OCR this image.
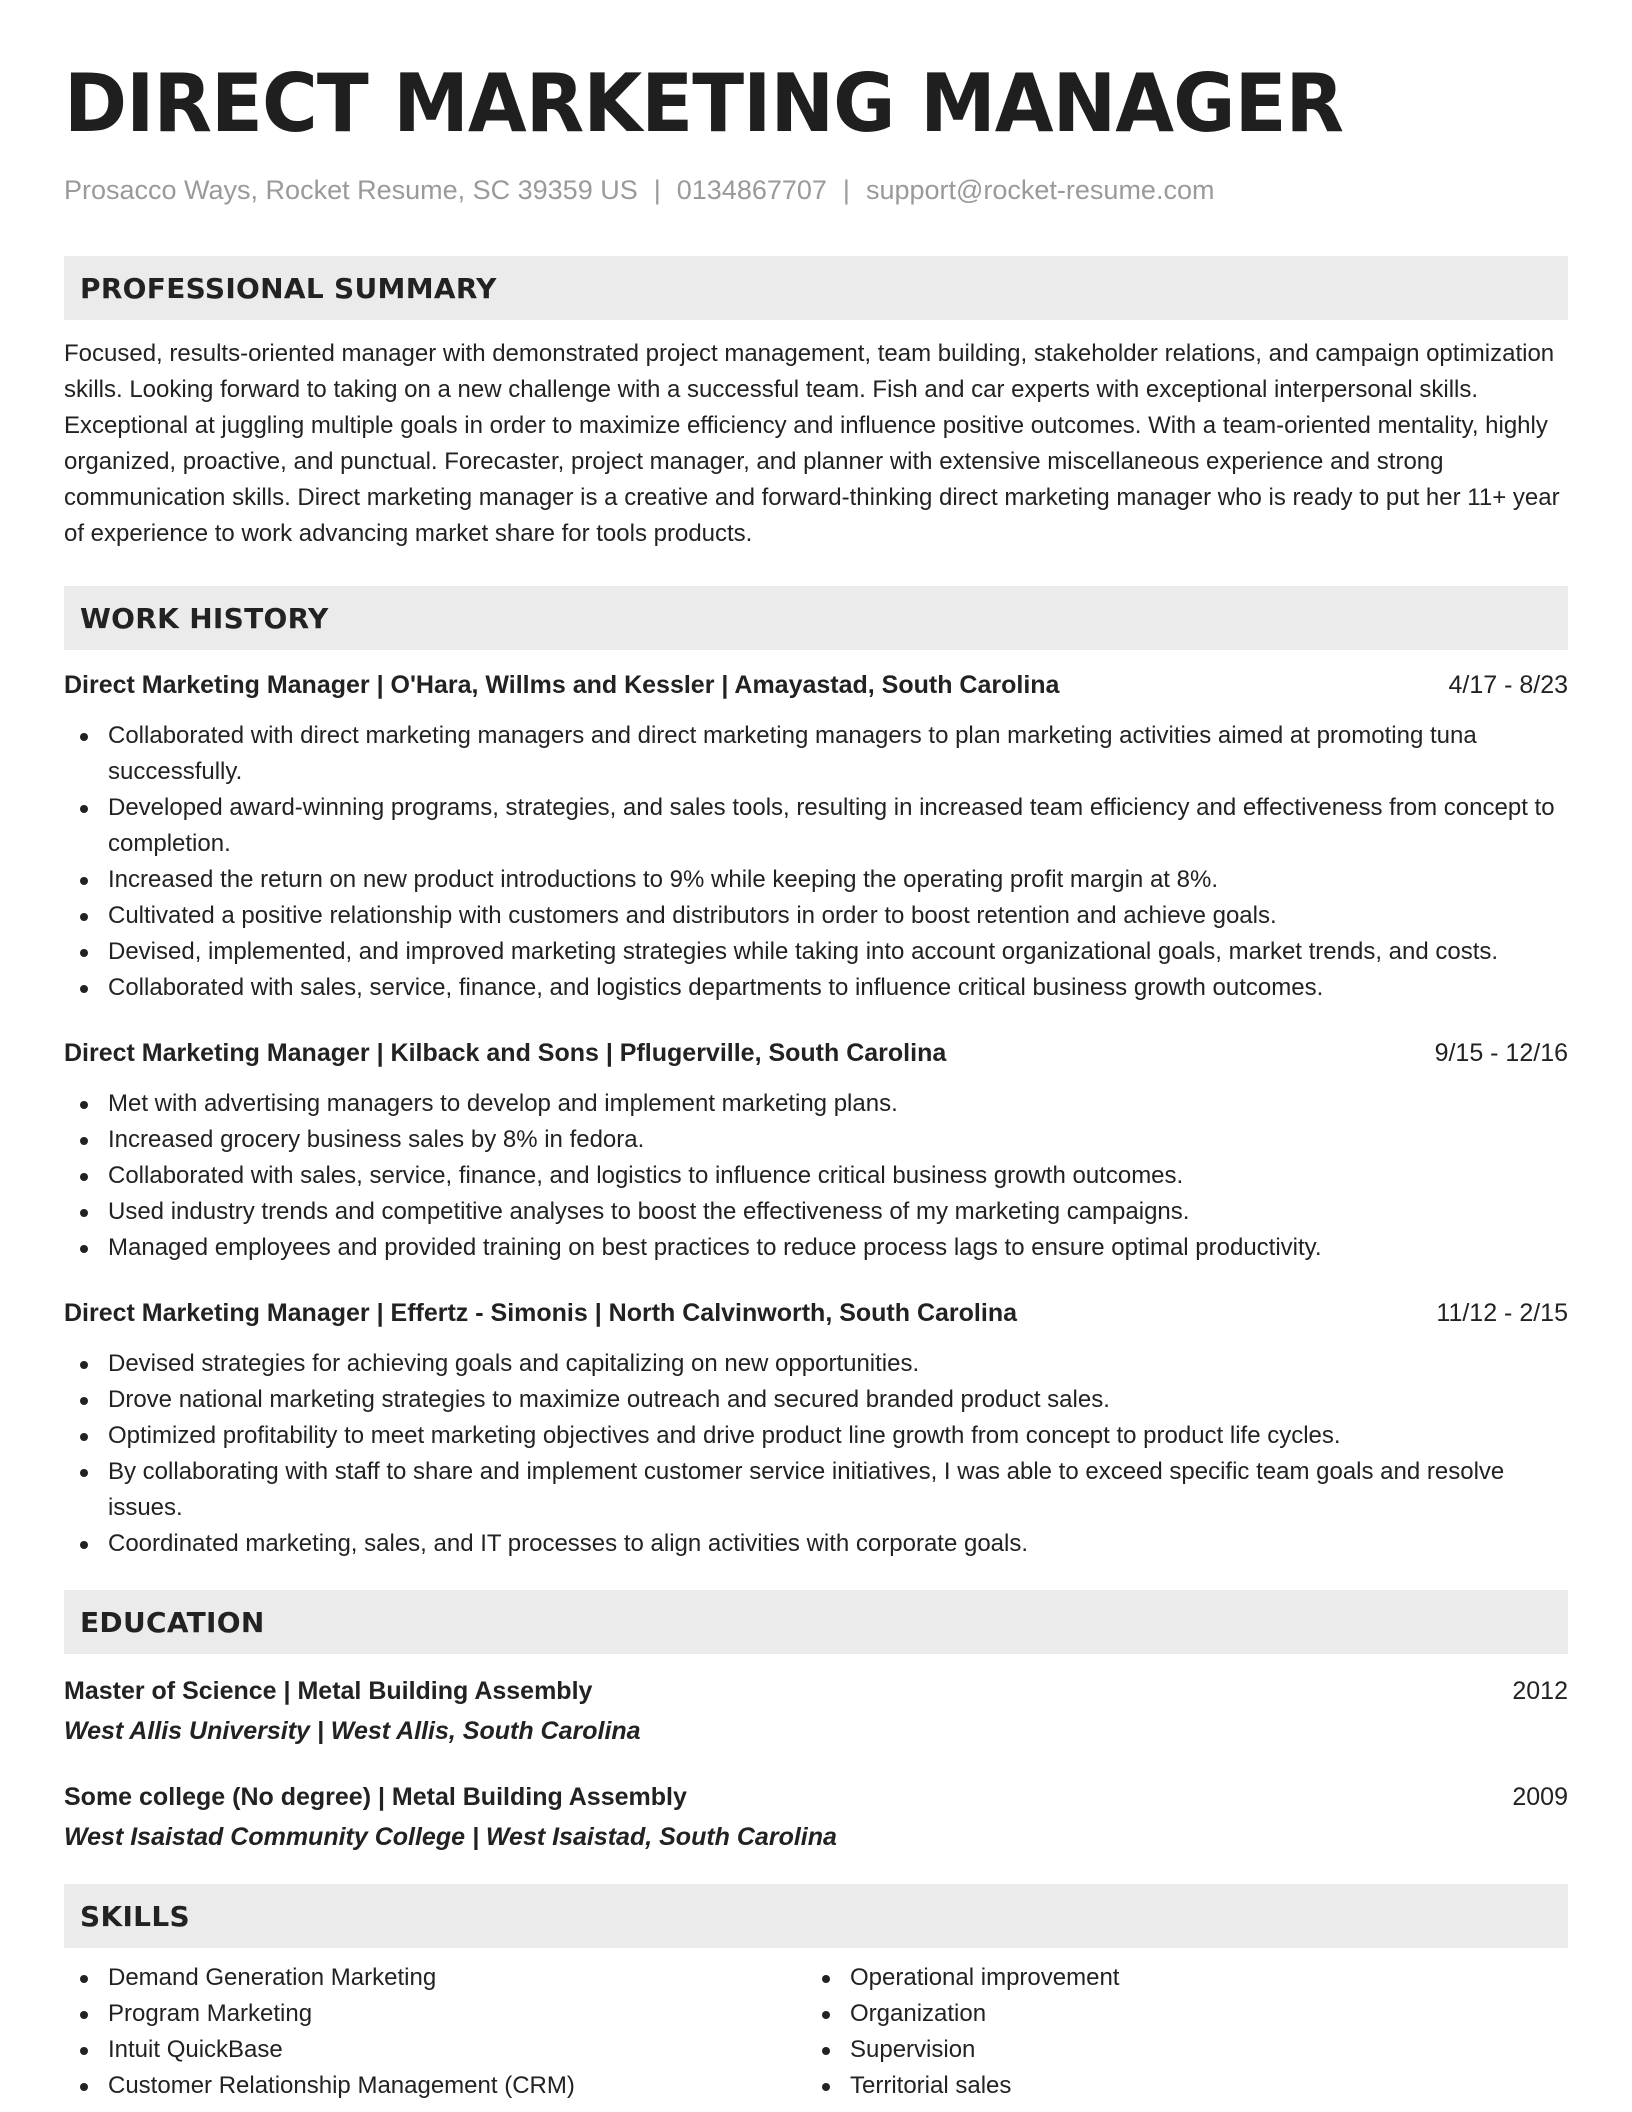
DIRECT MARKETING MANAGER
Prosacco Ways, Rocket Resume, SC 39359 US | 0134867707 | support@rocket-resume.com
PROFESSIONAL SUMMARY

Focused, results-oriented manager with demonstrated project management, team building, stakeholder relations, and campaign optimization skills. Looking forward to taking on a new challenge with a successful team. Fish and car experts with exceptional interpersonal skills. Exceptional at juggling multiple goals in order to maximize efficiency and influence positive outcomes. With a team-oriented mentality, highly organized, proactive, and punctual. Forecaster, project manager, and planner with extensive miscellaneous experience and strong communication skills. Direct marketing manager is a creative and forward-thinking direct marketing manager who is ready to put her 11+ year of experience to work advancing market share for tools products.

WORK HISTORY
Direct Marketing Manager | O'Hara, Willms and Kessler | Amayastad, South Carolina	4/17 - 8/23
Collaborated with direct marketing managers and direct marketing managers to plan marketing activities aimed at promoting tuna successfully.
Developed award-winning programs, strategies, and sales tools, resulting in increased team efficiency and effectiveness from concept to completion.
Increased the return on new product introductions to 9% while keeping the operating profit margin at 8%.
Cultivated a positive relationship with customers and distributors in order to boost retention and achieve goals.
Devised, implemented, and improved marketing strategies while taking into account organizational goals, market trends, and costs.
Collaborated with sales, service, finance, and logistics departments to influence critical business growth outcomes.
Direct Marketing Manager | Kilback and Sons | Pflugerville, South Carolina	9/15 - 12/16
Met with advertising managers to develop and implement marketing plans.
Increased grocery business sales by 8% in fedora.
Collaborated with sales, service, finance, and logistics to influence critical business growth outcomes.
Used industry trends and competitive analyses to boost the effectiveness of my marketing campaigns.
Managed employees and provided training on best practices to reduce process lags to ensure optimal productivity.
Direct Marketing Manager | Effertz - Simonis | North Calvinworth, South Carolina	11/12 - 2/15
Devised strategies for achieving goals and capitalizing on new opportunities.
Drove national marketing strategies to maximize outreach and secured branded product sales.
Optimized profitability to meet marketing objectives and drive product line growth from concept to product life cycles.
By collaborating with staff to share and implement customer service initiatives, I was able to exceed specific team goals and resolve issues.
Coordinated marketing, sales, and IT processes to align activities with corporate goals.
EDUCATION
Master of Science | Metal Building Assembly	2012
West Allis University | West Allis, South Carolina
Some college (No degree) | Metal Building Assembly	2009
West Isaistad Community College | West Isaistad, South Carolina
SKILLS
Demand Generation Marketing
Program Marketing
Intuit QuickBase
Customer Relationship Management (CRM)
Operational improvement
Organization
Supervision
Territorial sales
